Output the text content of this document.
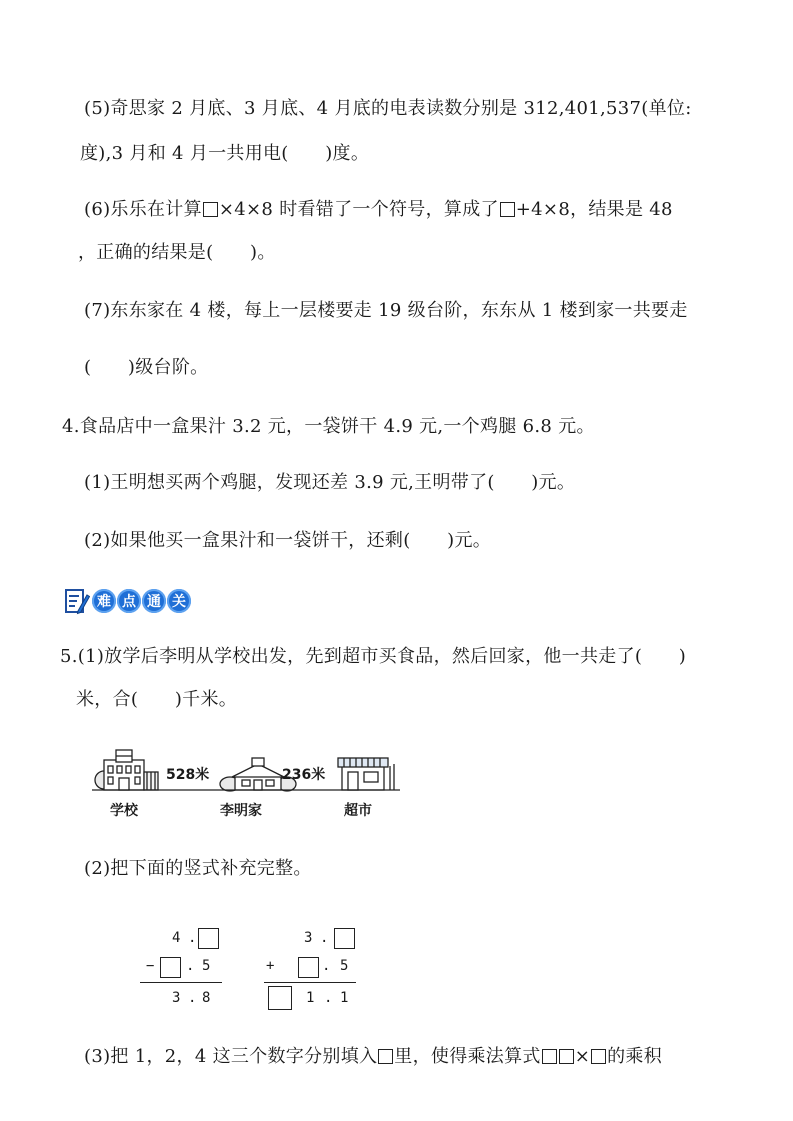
(5)奇思家 2 月底、3 月底、4 月底的电表读数分别是 312,401,537(单位:
度),3 月和 4 月一共用电(　　)度。
(6)乐乐在计算 ×4×8 时看错了一个符号，算成了 +4×8，结果是 48
，正确的结果是(　　)。
(7)东东家在 4 楼，每上一层楼要走 19 级台阶，东东从 1 楼到家一共要走
(　　)级台阶。
4.食品店中一盒果汁 3.2 元，一袋饼干 4.9 元,一个鸡腿 6.8 元。
(1)王明想买两个鸡腿，发现还差 3.9 元,王明带了(　　)元。
(2)如果他买一盒果汁和一袋饼干，还剩(　　)元。
难 点 通 关
5.(1)放学后李明从学校出发，先到超市买食品，然后回家，他一共走了(　　)
米，合(　　)千米。
528米	236米
学校	李明家	超市
(2)把下面的竖式补充完整。
4 .
− . 5
3 . 8
3 .
+	. 5
1 . 1
(3)把 1，2，4 这三个数字分别填入 里，使得乘法算式 × 的乘积
